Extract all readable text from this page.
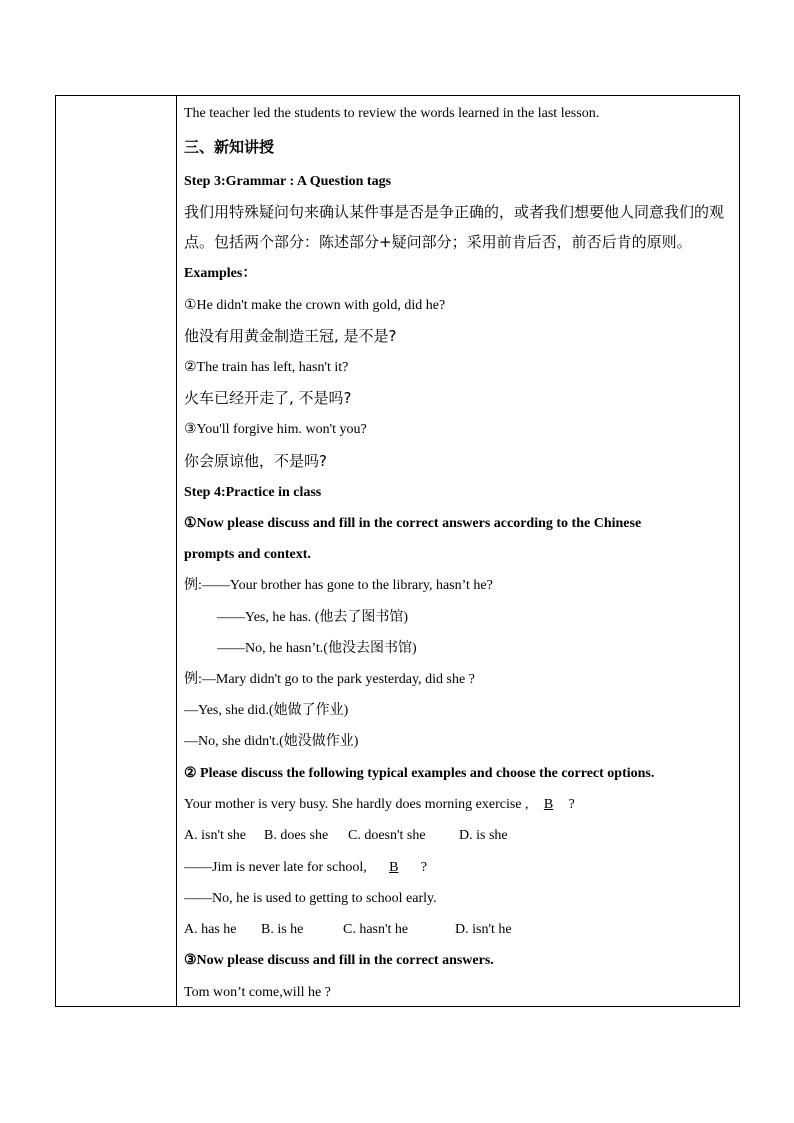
The teacher led the students to review the words learned in the last lesson.
三、新知讲授
Step 3:Grammar : A Question tags
我们用特殊疑问句来确认某件事是否是争正确的，或者我们想要他人同意我们的观
点。包括两个部分：陈述部分+疑问部分；采用前肯后否，前否后肯的原则。
Examples：
①He didn't make the crown with gold, did he?
他没有用黄金制造王冠, 是不是?
②The train has left, hasn't it?
火车已经开走了, 不是吗?
③You'll forgive him. won't you?
你会原谅他，不是吗?
Step 4:Practice in class
①Now please discuss and fill in the correct answers according to the Chinese
prompts and context.
例:——Your brother has gone to the library, hasn’t he?
——Yes, he has. (他去了图书馆)
——No, he hasn’t.(他没去图书馆)
例:—Mary didn't go to the park yesterday, did she ?
—Yes, she did.(她做了作业)
—No, she didn't.(她没做作业)
② Please discuss the following typical examples and choose the correct options.
Your mother is very busy. She hardly does morning exercise , B ?
A. isn't she B. does she C. doesn't she D. is she
——Jim is never late for school, B ?
——No, he is used to getting to school early.
A. has he B. is he	C. hasn't he	D. isn't he
③Now please discuss and fill in the correct answers.
Tom won’t come,will he ?
